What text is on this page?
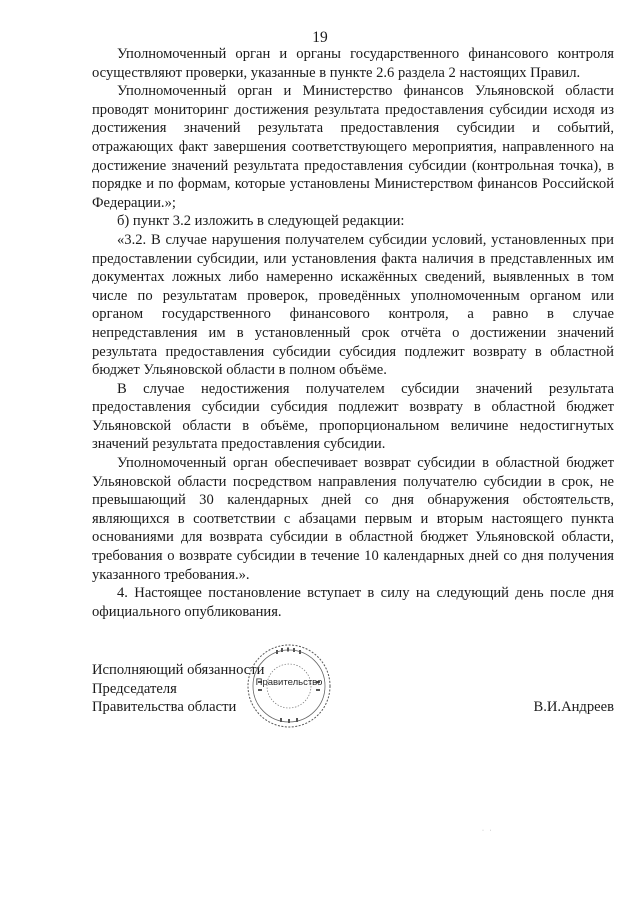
19

Уполномоченный орган и органы государственного финансового контроля осуществляют проверки, указанные в пункте 2.6 раздела 2 настоящих Правил.

Уполномоченный орган и Министерство финансов Ульяновской области проводят мониторинг достижения результата предоставления субсидии исходя из достижения значений результата предоставления субсидии и событий, отражающих факт завершения соответствующего мероприятия, направленного на достижение значений результата предоставления субсидии (контрольная точка), в порядке и по формам, которые установлены Министерством финансов Российской Федерации.»;

б) пункт 3.2 изложить в следующей редакции:

«3.2. В случае нарушения получателем субсидии условий, установленных при предоставлении субсидии, или установления факта наличия в представленных им документах ложных либо намеренно искажённых сведений, выявленных в том числе по результатам проверок, проведённых уполномоченным органом или органом государственного финансового контроля, а равно в случае непредставления им в установленный срок отчёта о достижении значений результата предоставления субсидии субсидия подлежит возврату в областной бюджет Ульяновской области в полном объёме.

В случае недостижения получателем субсидии значений результата предоставления субсидии субсидия подлежит возврату в областной бюджет Ульяновской области в объёме, пропорциональном величине недостигнутых значений результата предоставления субсидии.

Уполномоченный орган обеспечивает возврат субсидии в областной бюджет Ульяновской области посредством направления получателю субсидии в срок, не превышающий 30 календарных дней со дня обнаружения обстоятельств, являющихся в соответствии с абзацами первым и вторым настоящего пункта основаниями для возврата субсидии в областной бюджет Ульяновской области, требования о возврате субсидии в течение 10 календарных дней со дня получения указанного требования.».

4. Настоящее постановление вступает в силу на следующий день после дня официального опубликования.

Исполняющий обязанности
Председателя
Правительства области	В.И.Андреев
Правительство
· ·
